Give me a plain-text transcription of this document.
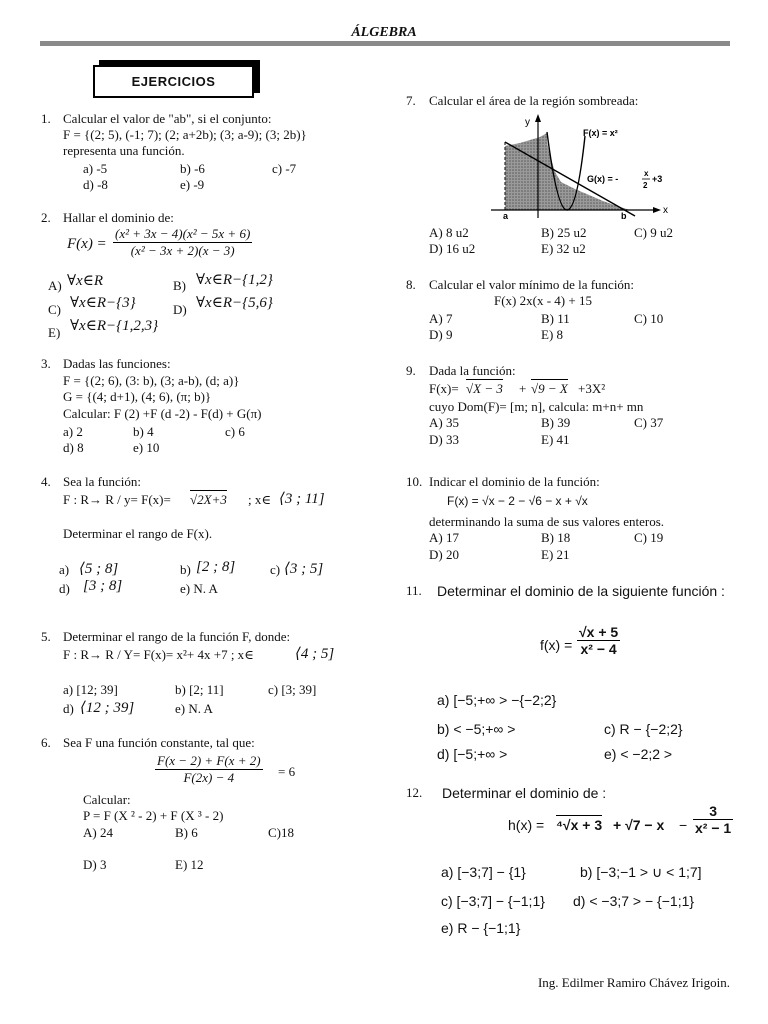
ÁLGEBRA
EJERCICIOS
1. Calcular el valor de "ab", si el conjunto:
F = {(2; 5), (-1; 7); (2; a+2b); (3; a-9); (3; 2b)}
representa una función.
a) -5	b) -6	c) -7
d) -8	e) -9
2. Hallar el dominio de:
$F(x) = \frac{\text{(x² + 3x − 4)(x² − 5x + 6)}}{\text{(x² − 3x + 2)(x − 3)}}$
A) ∀x∈R	B) ∀x∈R−{1,2}
C) ∀x∈R−{3}	D) ∀x∈R−{5,6}
E) ∀x∈R−{1,2,3}
3. Dadas las funciones:
F = {(2; 6), (3: b), (3; a-b), (d; a)}
G = {(4; d+1), (4; 6), (π; b)}
Calcular: F (2) +F (d -2) - F(d) + G(π)
a) 2	b) 4	c) 6
d) 8	e) 10
4. Sea la función:
F : R→ R / y= F(x)= √2X+3 ; x∈ ⟨3 ; 11]
Determinar el rango de F(x).
a) ⟨5 ; 8]	b) [2 ; 8]	c) ⟨3 ; 5]
d) [3 ; 8]	e) N. A
5. Determinar el rango de la función F, donde:
F : R→ R / Y= F(x)= x²+ 4x +7 ; x∈	⟨4 ; 5]
a) [12; 39]	b) [2; 11]	c) [3; 39]
d) ⟨12 ; 39]	e) N. A
6. Sea F una función constante, tal que:
$\frac{F(x - 2) + F(x + 2)}{F(2x) - 4} = 6$
Calcular:
P = F (X ² - 2) + F (X ³ - 2)
A) 24	B) 6	C)18
D) 3	E) 12
7. Calcular el área de la región sombreada:
y
x
a	b
F(x) = x²
G(x) = -
x
2
+3
A) 8 u2	B) 25 u2	C) 9 u2
D) 16 u2	E) 32 u2
8. Calcular el valor mínimo de la función:
F(x) 2x(x - 4) + 15
A) 7	B) 11	C) 10
D) 9	E) 8
9. Dada la función:
F(x)= √X − 3 + √9 − X +3X²
cuyo Dom(F)= [m; n], calcula: m+n+ mn
A) 35	B) 39	C) 37
D) 33	E) 41
10. Indicar el dominio de la función:
F(x) = √x − 2 − √6 − x + √x
determinando la suma de sus valores enteros.
A) 17	B) 18	C) 19
D) 20	E) 21
11. Determinar el dominio de la siguiente función :
$f(x) = \frac{√x + 5}{\text{x² − 4}}$
a) [−5;+∞ > −{−2;2}
b) < −5;+∞ >	c) R − {−2;2}
d) [−5;+∞ >	e) < −2;2 >
12. Determinar el dominio de :
$h(x) = ^4√x + 3 + √7 - x - \frac{3}{\text{x² − 1}}$
a) [−3;7] − {1}	b) [−3;−1 > ∪ < 1;7]
c) [−3;7] − {−1;1} d) < −3;7 > − {−1;1}
e) R − {−1;1}
Ing. Edilmer Ramiro Chávez Irigoin.
